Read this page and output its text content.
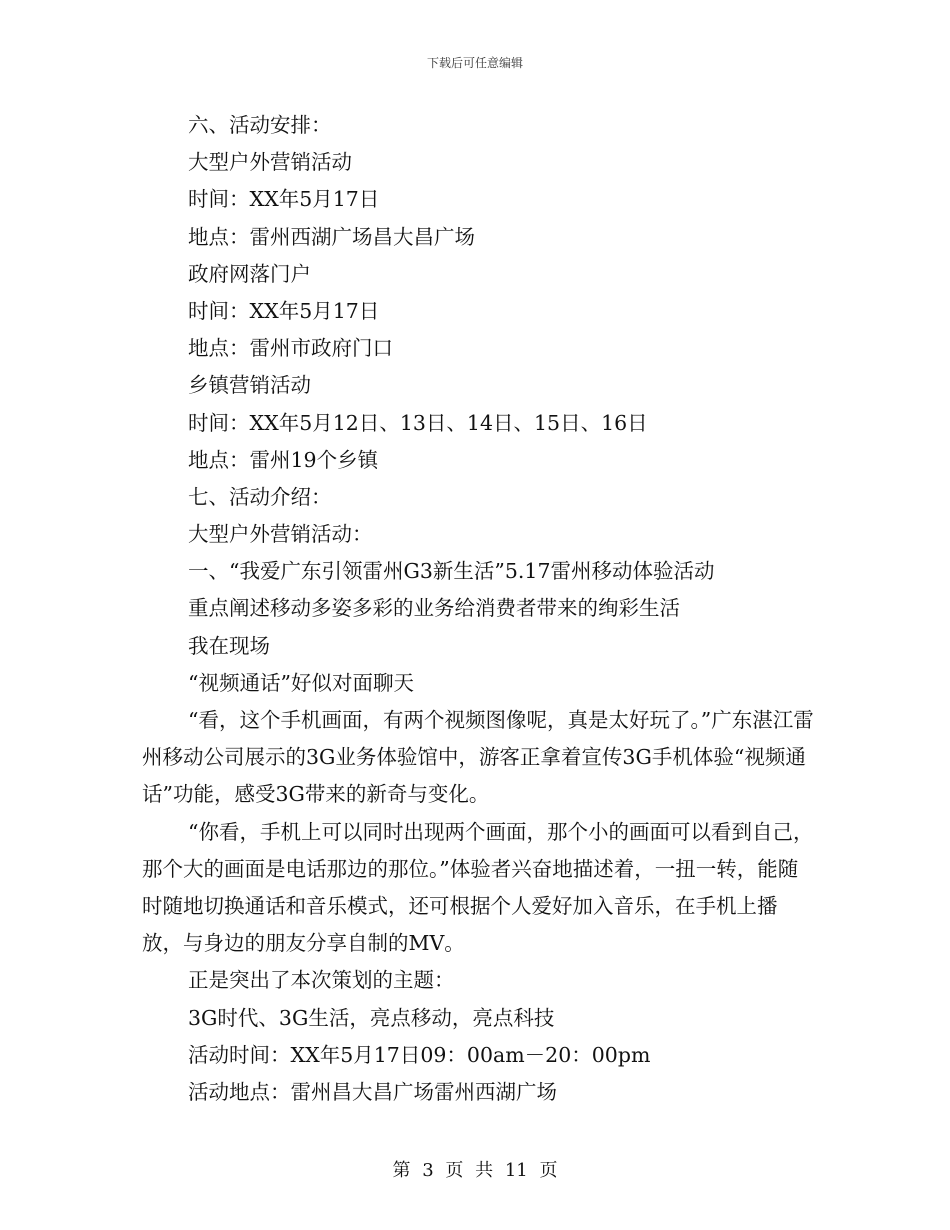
下载后可任意编辑
六、活动安排：
大型户外营销活动
时间：XX年5月17日
地点：雷州西湖广场昌大昌广场
政府网落门户
时间：XX年5月17日
地点：雷州市政府门口
乡镇营销活动
时间：XX年5月12日、13日、14日、15日、16日
地点：雷州19个乡镇
七、活动介绍：
大型户外营销活动：
一、“我爱广东引领雷州G3新生活”5.17雷州移动体验活动
重点阐述移动多姿多彩的业务给消费者带来的绚彩生活
我在现场
“视频通话”好似对面聊天

“看，这个手机画面，有两个视频图像呢，真是太好玩了。”广东湛江雷州移动公司展示的3G业务体验馆中，游客正拿着宣传3G手机体验“视频通话”功能，感受3G带来的新奇与变化。

“你看，手机上可以同时出现两个画面，那个小的画面可以看到自己，那个大的画面是电话那边的那位。”体验者兴奋地描述着，一扭一转，能随时随地切换通话和音乐模式，还可根据个人爱好加入音乐，在手机上播放，与身边的朋友分享自制的MV。

正是突出了本次策划的主题：
3G时代、3G生活，亮点移动，亮点科技
活动时间：XX年5月17日09：00am－20：00pm
活动地点：雷州昌大昌广场雷州西湖广场
第 3 页 共 11 页
